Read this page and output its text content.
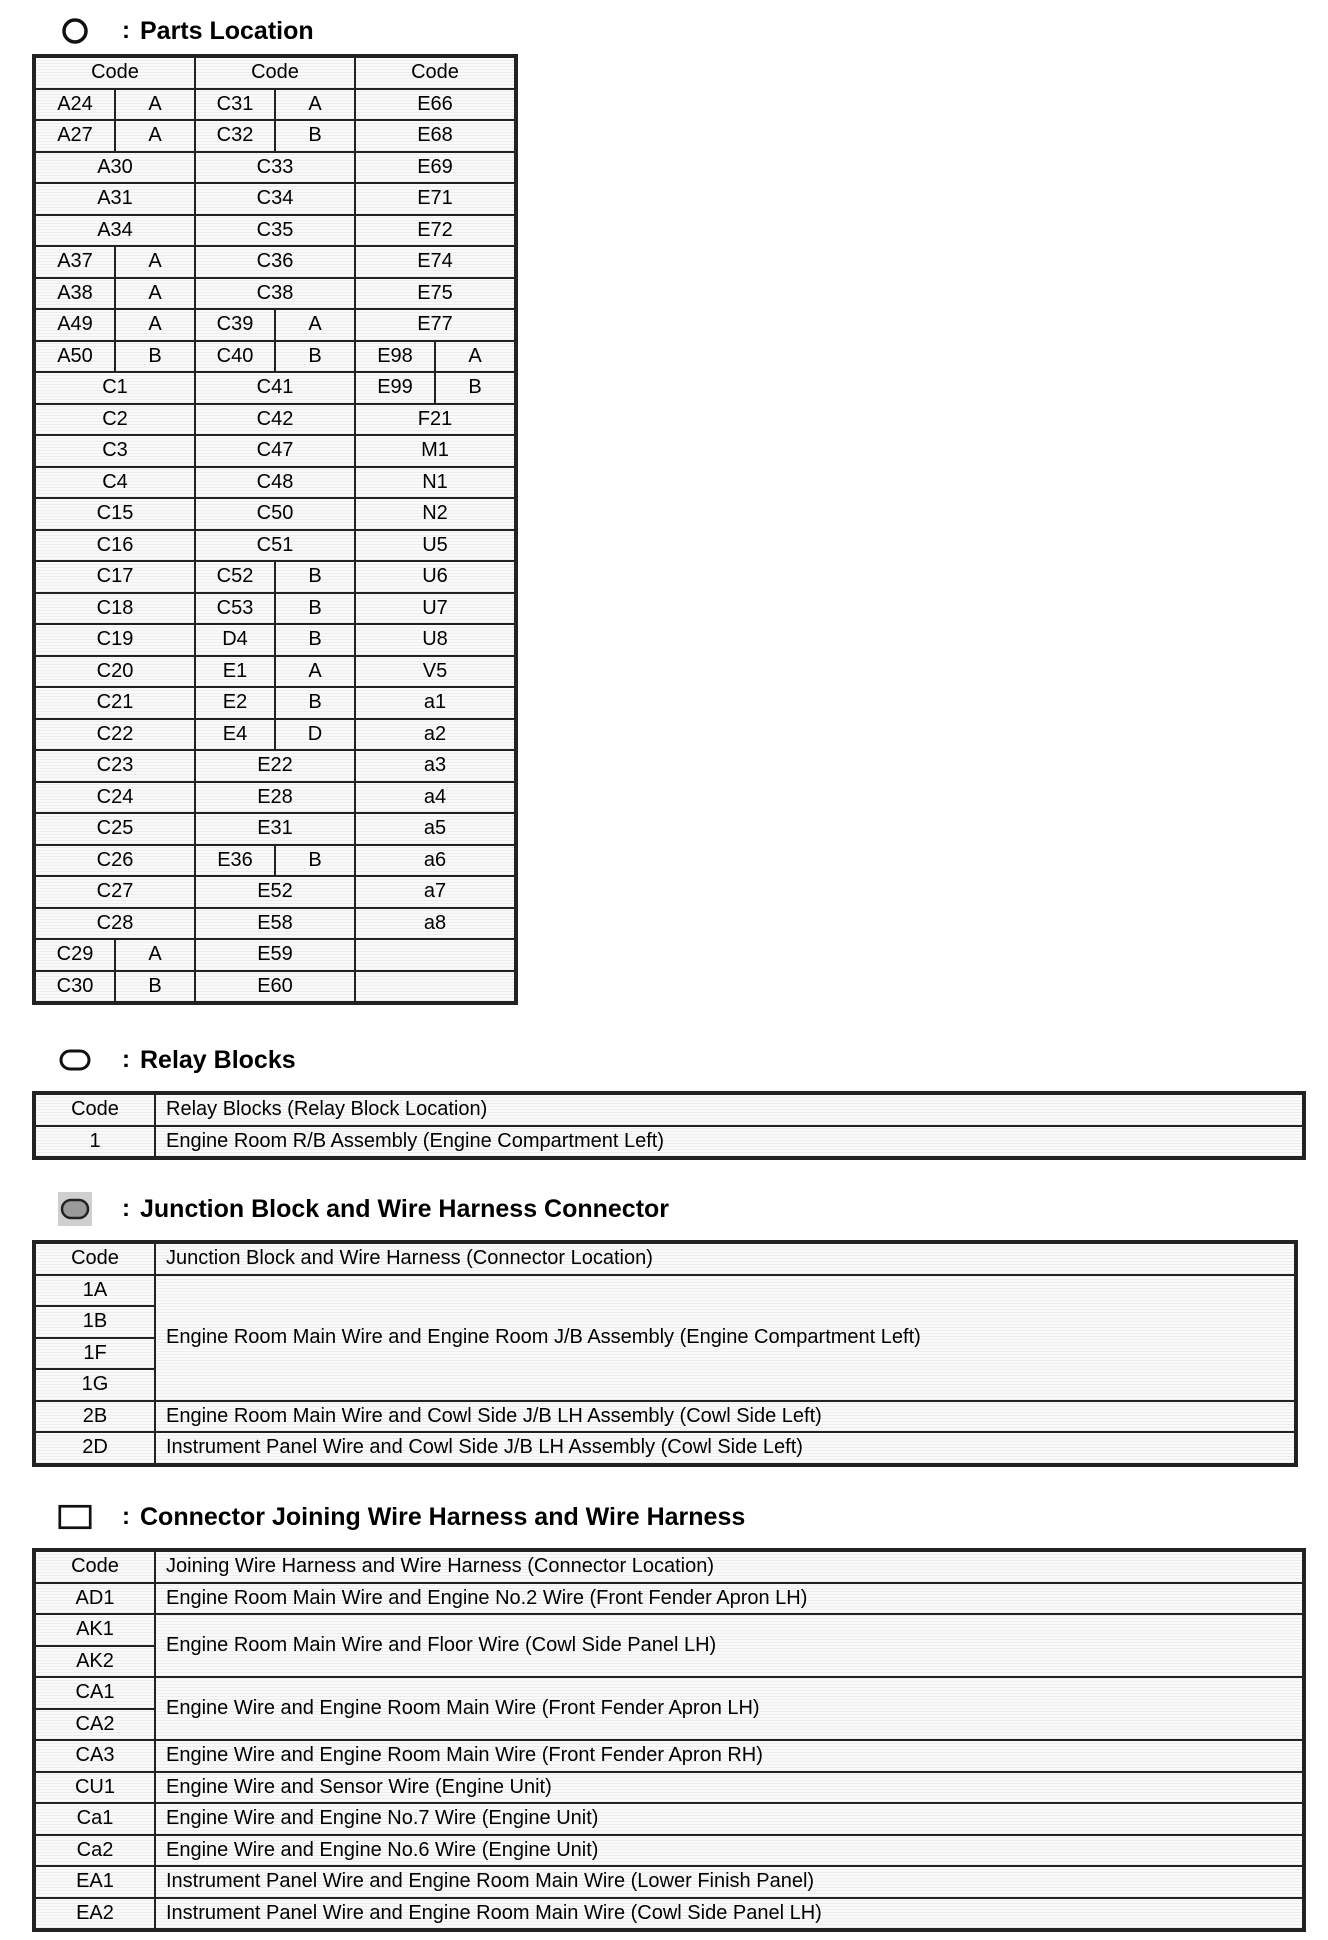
: Parts Location
Code		Code		Code	
A24	A	C31	A	E66	
A27	A	C32	B	E68	
A30		C33		E69	
A31		C34		E71	
A34		C35		E72	
A37	A	C36		E74	
A38	A	C38		E75	
A49	A	C39	A	E77	
A50	B	C40	B	E98	A
C1		C41		E99	B
C2		C42		F21	
C3		C47		M1	
C4		C48		N1	
C15		C50		N2	
C16		C51		U5	
C17		C52	B	U6	
C18		C53	B	U7	
C19		D4	B	U8	
C20		E1	A	V5	
C21		E2	B	a1	
C22		E4	D	a2	
C23		E22		a3	
C24		E28		a4	
C25		E31		a5	
C26		E36	B	a6	
C27		E52		a7	
C28		E58		a8	
C29	A	E59			
C30	B	E60			
: Relay Blocks
Code	Relay Blocks (Relay Block Location)
1	Engine Room R/B Assembly (Engine Compartment Left)
: Junction Block and Wire Harness Connector
Code	Junction Block and Wire Harness (Connector Location)
1A	Engine Room Main Wire and Engine Room J/B Assembly (Engine Compartment Left)
1B	
1F	
1G	
2B	Engine Room Main Wire and Cowl Side J/B LH Assembly (Cowl Side Left)
2D	Instrument Panel Wire and Cowl Side J/B LH Assembly (Cowl Side Left)
: Connector Joining Wire Harness and Wire Harness
Code	Joining Wire Harness and Wire Harness (Connector Location)
AD1	Engine Room Main Wire and Engine No.2 Wire (Front Fender Apron LH)
AK1	Engine Room Main Wire and Floor Wire (Cowl Side Panel LH)
AK2	
CA1	Engine Wire and Engine Room Main Wire (Front Fender Apron LH)
CA2	
CA3	Engine Wire and Engine Room Main Wire (Front Fender Apron RH)
CU1	Engine Wire and Sensor Wire (Engine Unit)
Ca1	Engine Wire and Engine No.7 Wire (Engine Unit)
Ca2	Engine Wire and Engine No.6 Wire (Engine Unit)
EA1	Instrument Panel Wire and Engine Room Main Wire (Lower Finish Panel)
EA2	Instrument Panel Wire and Engine Room Main Wire (Cowl Side Panel LH)
